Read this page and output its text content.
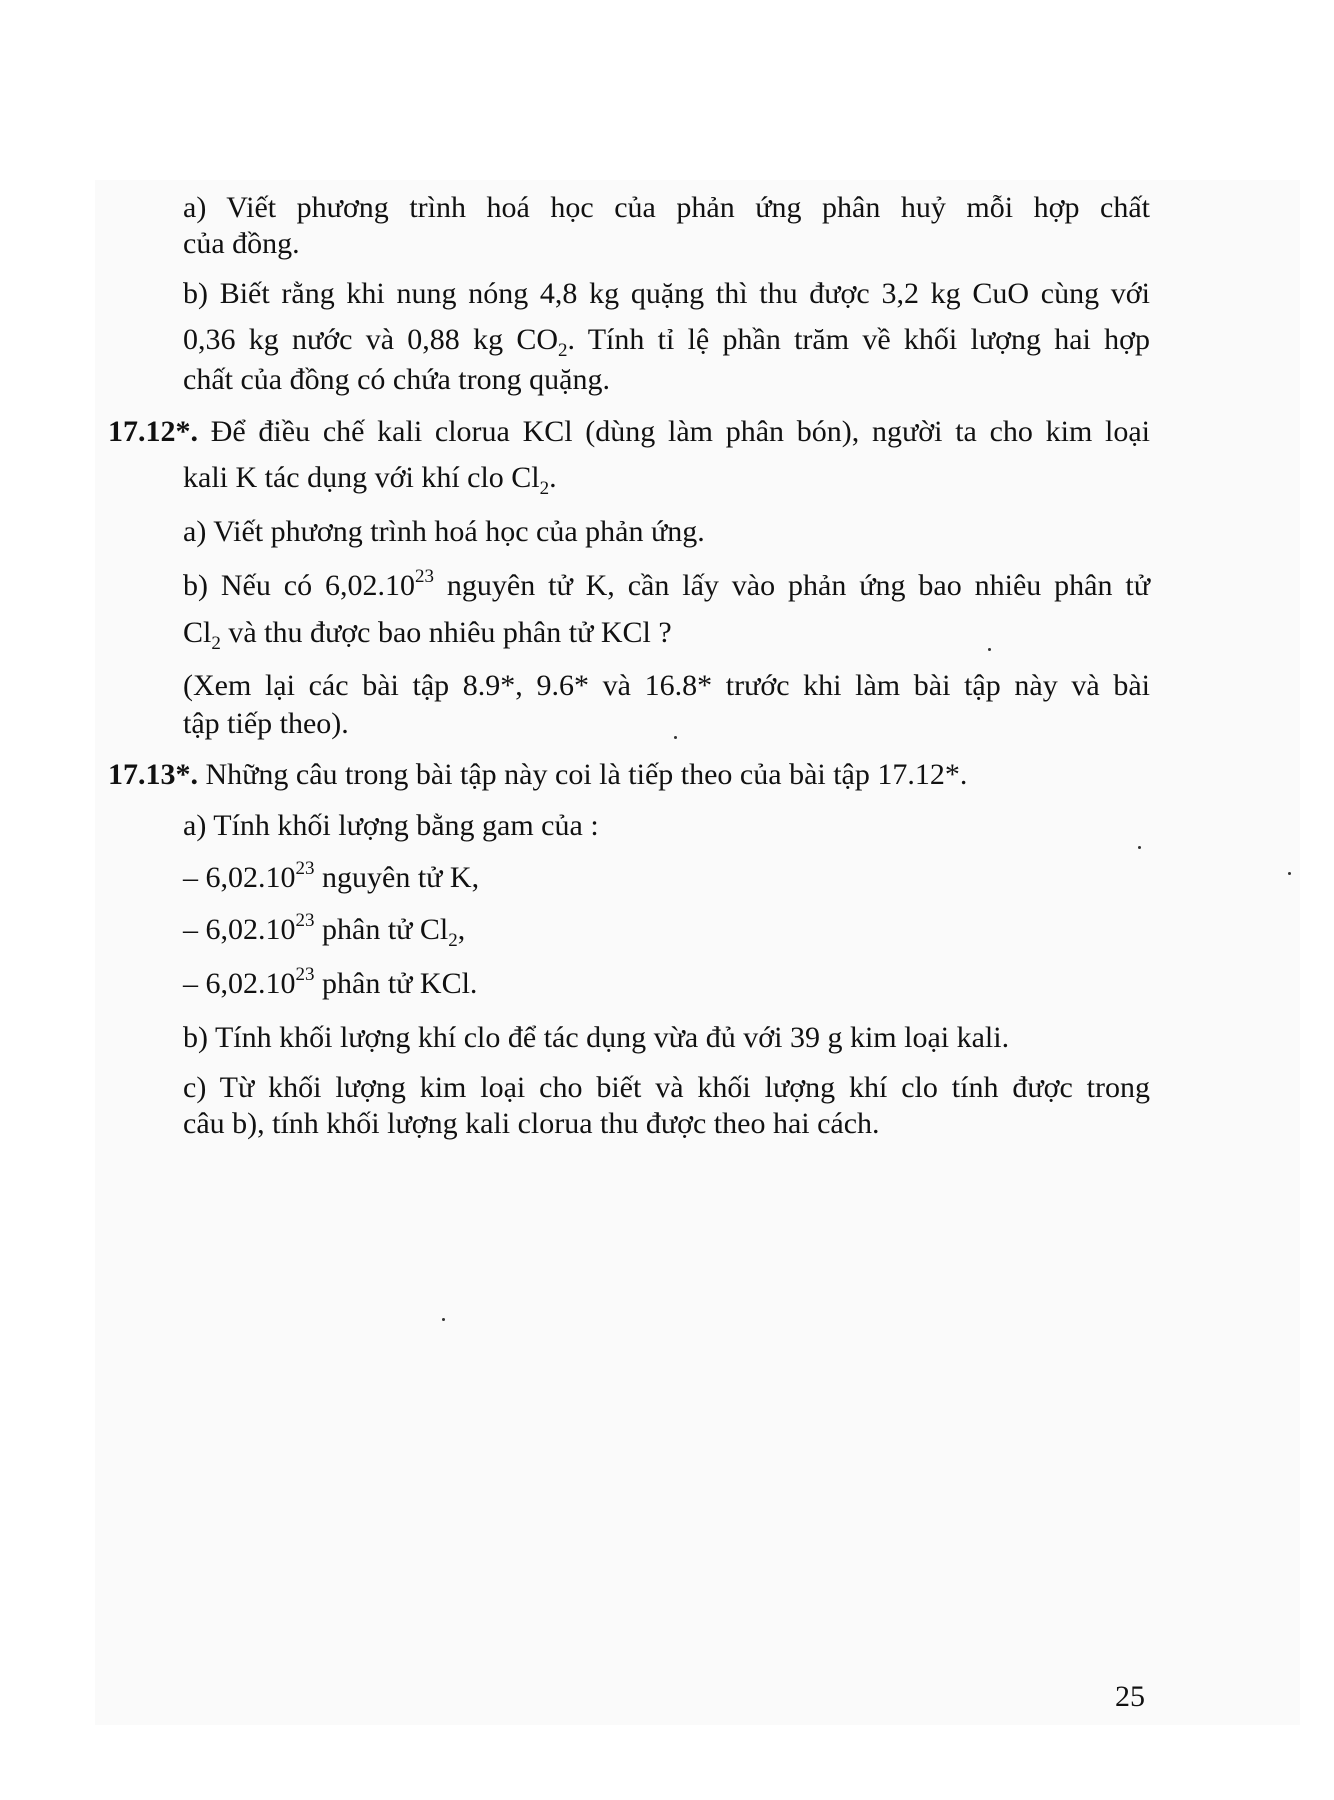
a) Viết phương trình hoá học của phản ứng phân huỷ mỗi hợp chất
của đồng.
b) Biết rằng khi nung nóng 4,8 kg quặng thì thu được 3,2 kg CuO cùng với
0,36 kg nước và 0,88 kg $CO_2$. Tính tỉ lệ phần trăm về khối lượng hai hợp
chất của đồng có chứa trong quặng.
17.12*. Để điều chế kali clorua KCl (dùng làm phân bón), người ta cho kim loại
kali K tác dụng với khí clo $Cl_2$.
a) Viết phương trình hoá học của phản ứng.
b) Nếu có 6,02.10$^{23}$ nguyên tử K, cần lấy vào phản ứng bao nhiêu phân tử
$Cl_2$ và thu được bao nhiêu phân tử KCl ?
(Xem lại các bài tập 8.9*, 9.6* và 16.8* trước khi làm bài tập này và bài
tập tiếp theo).
17.13*. Những câu trong bài tập này coi là tiếp theo của bài tập 17.12*.
a) Tính khối lượng bằng gam của :
– 6,02.10$^{23}$ nguyên tử K,
– 6,02.10$^{23}$ phân tử $Cl_2$,
– 6,02.10$^{23}$ phân tử KCl.
b) Tính khối lượng khí clo để tác dụng vừa đủ với 39 g kim loại kali.
c) Từ khối lượng kim loại cho biết và khối lượng khí clo tính được trong
câu b), tính khối lượng kali clorua thu được theo hai cách.
25
